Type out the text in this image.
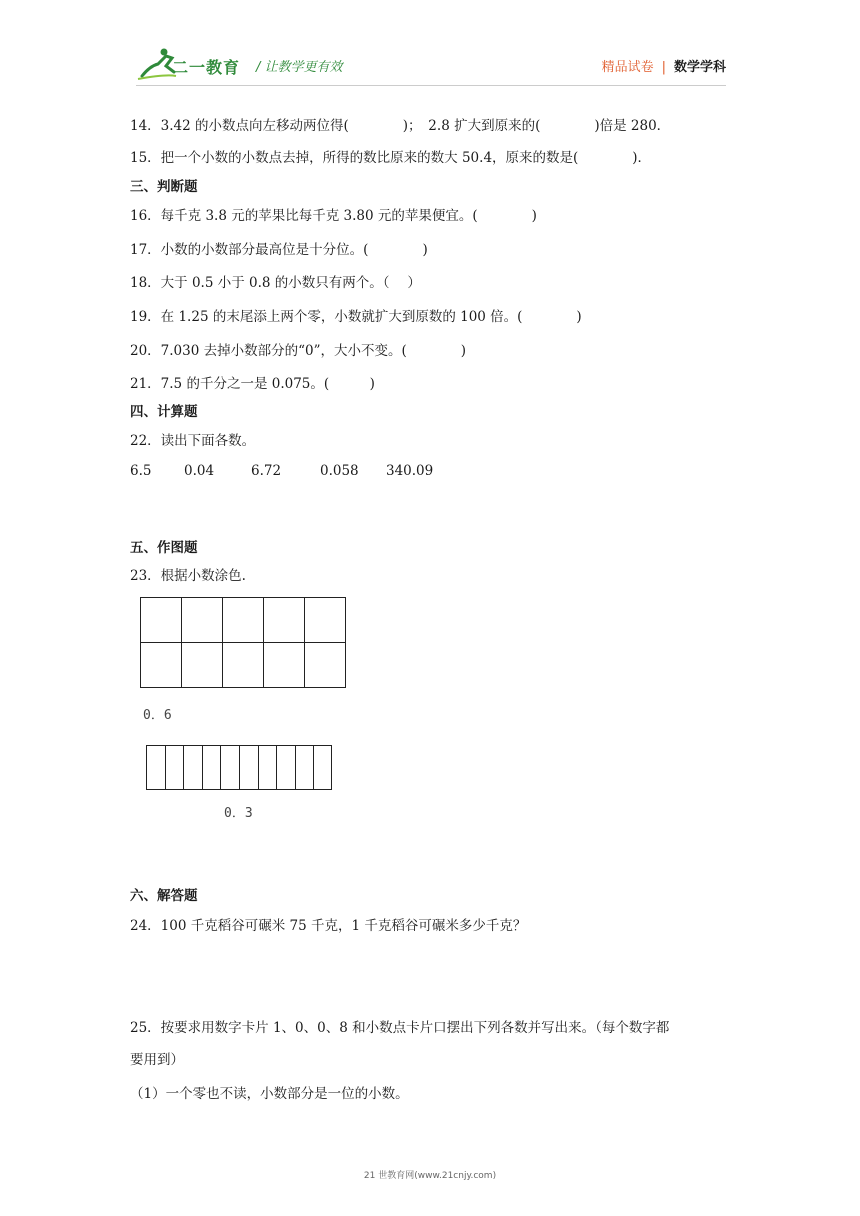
二一教育 / 让教学更有效	精品试卷 | 数学学科
14．3.42 的小数点向左移动两位得(　　　　)；　2.8 扩大到原来的(　　　　)倍是 280．
15．把一个小数的小数点去掉，所得的数比原来的数大 50.4，原来的数是(　　　　)．
三、判断题
16．每千克 3.8 元的苹果比每千克 3.80 元的苹果便宜。(　　　　)
17．小数的小数部分最高位是十分位。(　　　　)
18．大于 0.5 小于 0.8 的小数只有两个。（　 ）
19．在 1.25 的末尾添上两个零，小数就扩大到原数的 100 倍。(　　　　)
20．7.030 去掉小数部分的“0”，大小不变。(　　　　)
21．7.5 的千分之一是 0.075。(　　　)
四、计算题
22．读出下面各数。
6.5 0.04	6.72	0.058 340.09
五、作图题
23．根据小数涂色.
0．6
0．3
六、解答题
24．100 千克稻谷可碾米 75 千克，1 千克稻谷可碾米多少千克？
25．按要求用数字卡片 1、0、0、8 和小数点卡片口摆出下列各数并写出来。（每个数字都
要用到）
（1）一个零也不读，小数部分是一位的小数。
21 世教育网(www.21cnjy.com)
